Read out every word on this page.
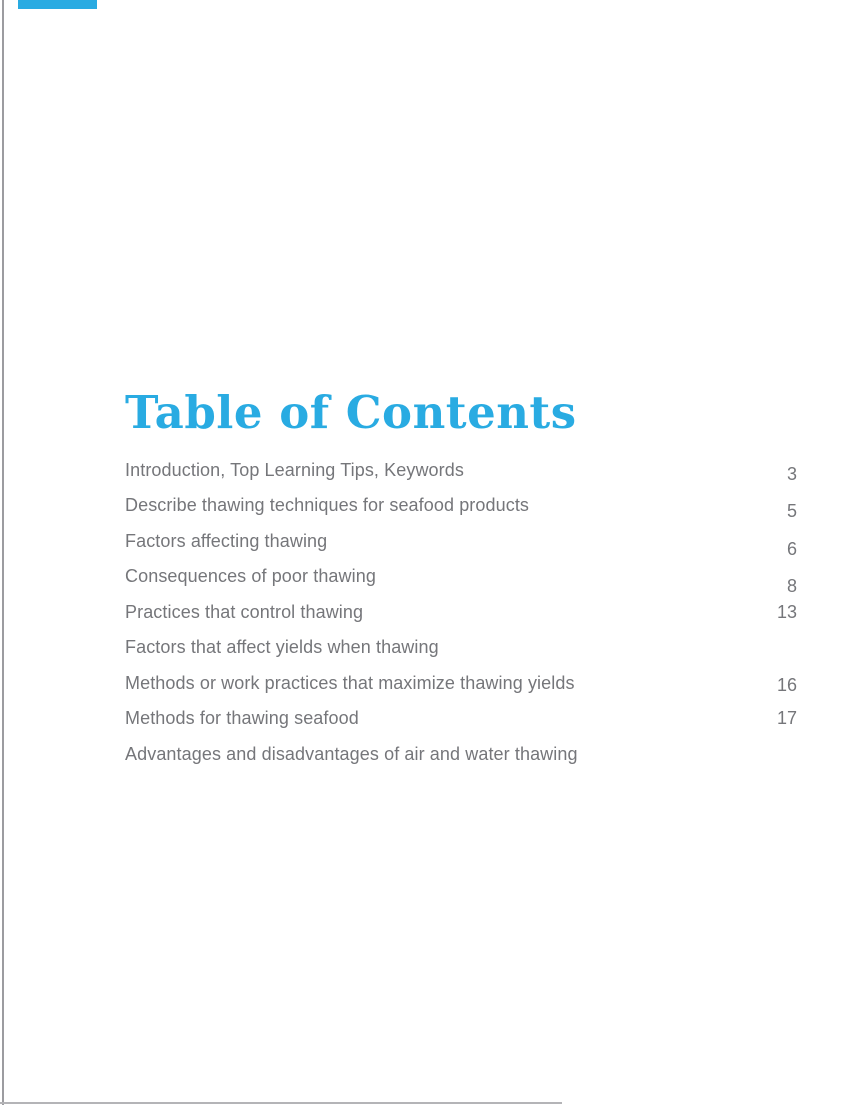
Table of Contents
Introduction, Top Learning Tips, Keywords	3
Describe thawing techniques for seafood products	5
Factors affecting thawing	6
Consequences of poor thawing	8
Practices that control thawing	13
Factors that affect yields when thawing
Methods or work practices that maximize thawing yields	16
Methods for thawing seafood	17
Advantages and disadvantages of air and water thawing
